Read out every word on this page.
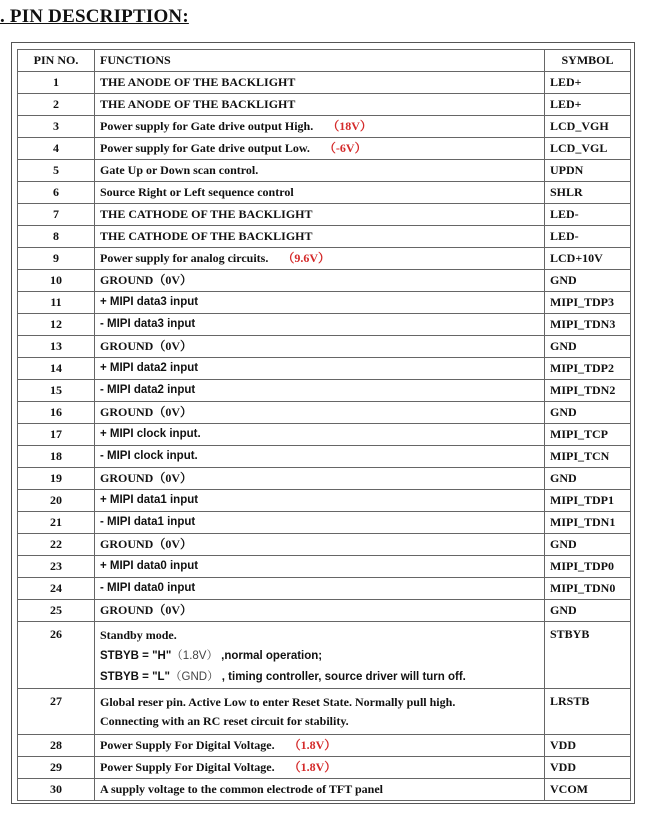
. PIN DESCRIPTION:
PIN NO.	FUNCTIONS	SYMBOL
1	THE ANODE OF THE BACKLIGHT	LED+
2	THE ANODE OF THE BACKLIGHT	LED+
3	Power supply for Gate drive output High. （18V）	LCD_VGH
4	Power supply for Gate drive output Low. （-6V）	LCD_VGL
5	Gate Up or Down scan control.	UPDN
6	Source Right or Left sequence control	SHLR
7	THE CATHODE OF THE BACKLIGHT	LED-
8	THE CATHODE OF THE BACKLIGHT	LED-
9	Power supply for analog circuits. （9.6V）	LCD+10V
10	GROUND（0V）	GND
11	+ MIPI data3 input	MIPI_TDP3
12	- MIPI data3 input	MIPI_TDN3
13	GROUND（0V）	GND
14	+ MIPI data2 input	MIPI_TDP2
15	- MIPI data2 input	MIPI_TDN2
16	GROUND（0V）	GND
17	+ MIPI clock input.	MIPI_TCP
18	- MIPI clock input.	MIPI_TCN
19	GROUND（0V）	GND
20	+ MIPI data1 input	MIPI_TDP1
21	- MIPI data1 input	MIPI_TDN1
22	GROUND（0V）	GND
23	+ MIPI data0 input	MIPI_TDP0
24	- MIPI data0 input	MIPI_TDN0
25	GROUND（0V）	GND
26	Standby mode.
STBYB = "H"（1.8V） ,normal operation;
STBYB = "L"（GND） , timing controller, source driver will turn off.	STBYB
27	Global reser pin. Active Low to enter Reset State. Normally pull high.
Connecting with an RC reset circuit for stability.	LRSTB
28	Power Supply For Digital Voltage. （1.8V）	VDD
29	Power Supply For Digital Voltage. （1.8V）	VDD
30	A supply voltage to the common electrode of TFT panel	VCOM
